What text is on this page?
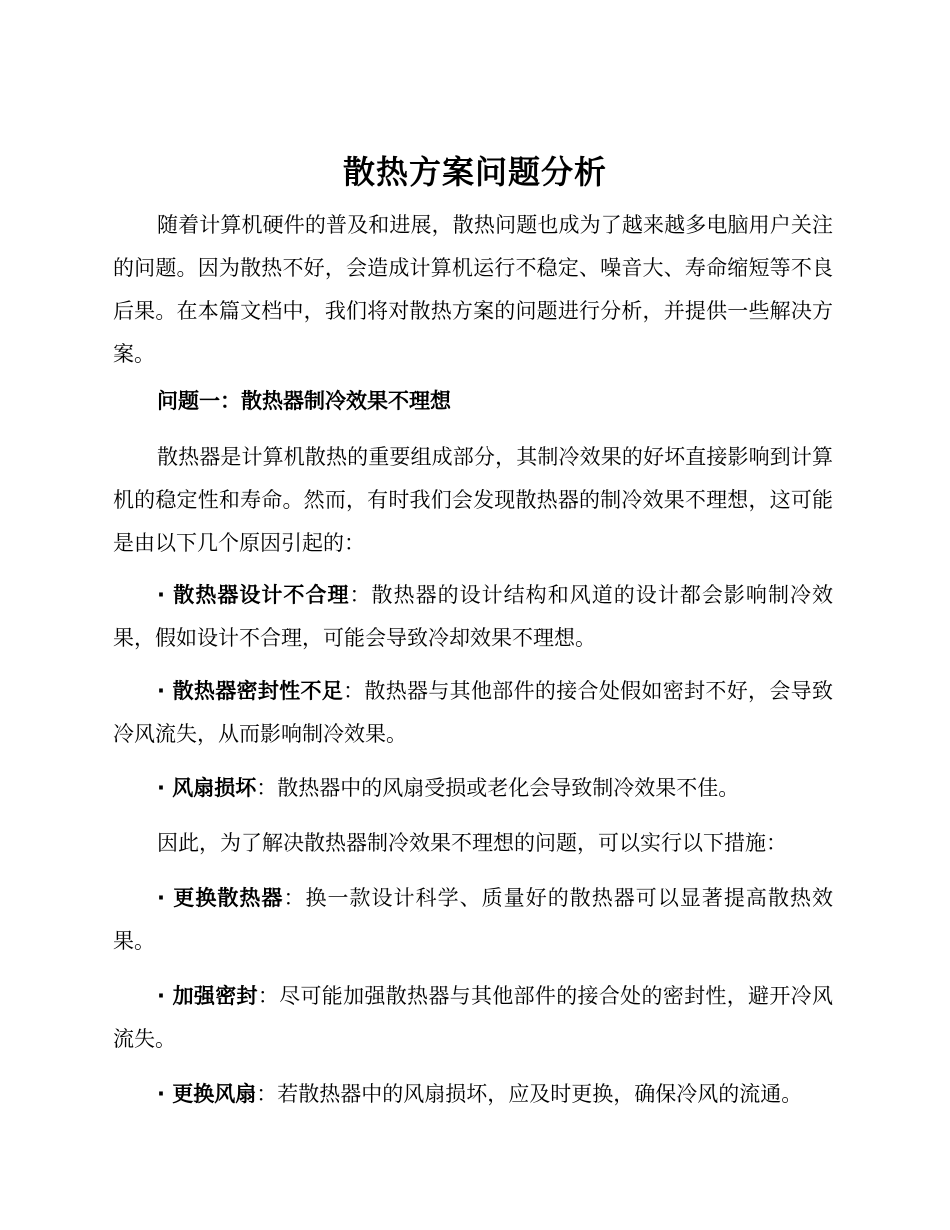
散热方案问题分析

随着计算机硬件的普及和进展，散热问题也成为了越来越多电脑用户关注的问题。因为散热不好，会造成计算机运行不稳定、噪音大、寿命缩短等不良后果。在本篇文档中，我们将对散热方案的问题进行分析，并提供一些解决方案。

问题一：散热器制冷效果不理想

散热器是计算机散热的重要组成部分，其制冷效果的好坏直接影响到计算机的稳定性和寿命。然而，有时我们会发现散热器的制冷效果不理想，这可能是由以下几个原因引起的：

· 散热器设计不合理：散热器的设计结构和风道的设计都会影响制冷效果，假如设计不合理，可能会导致冷却效果不理想。

· 散热器密封性不足：散热器与其他部件的接合处假如密封不好，会导致冷风流失，从而影响制冷效果。

· 风扇损坏：散热器中的风扇受损或老化会导致制冷效果不佳。

因此，为了解决散热器制冷效果不理想的问题，可以实行以下措施：

· 更换散热器：换一款设计科学、质量好的散热器可以显著提高散热效果。

· 加强密封：尽可能加强散热器与其他部件的接合处的密封性，避开冷风流失。

· 更换风扇：若散热器中的风扇损坏，应及时更换，确保冷风的流通。
